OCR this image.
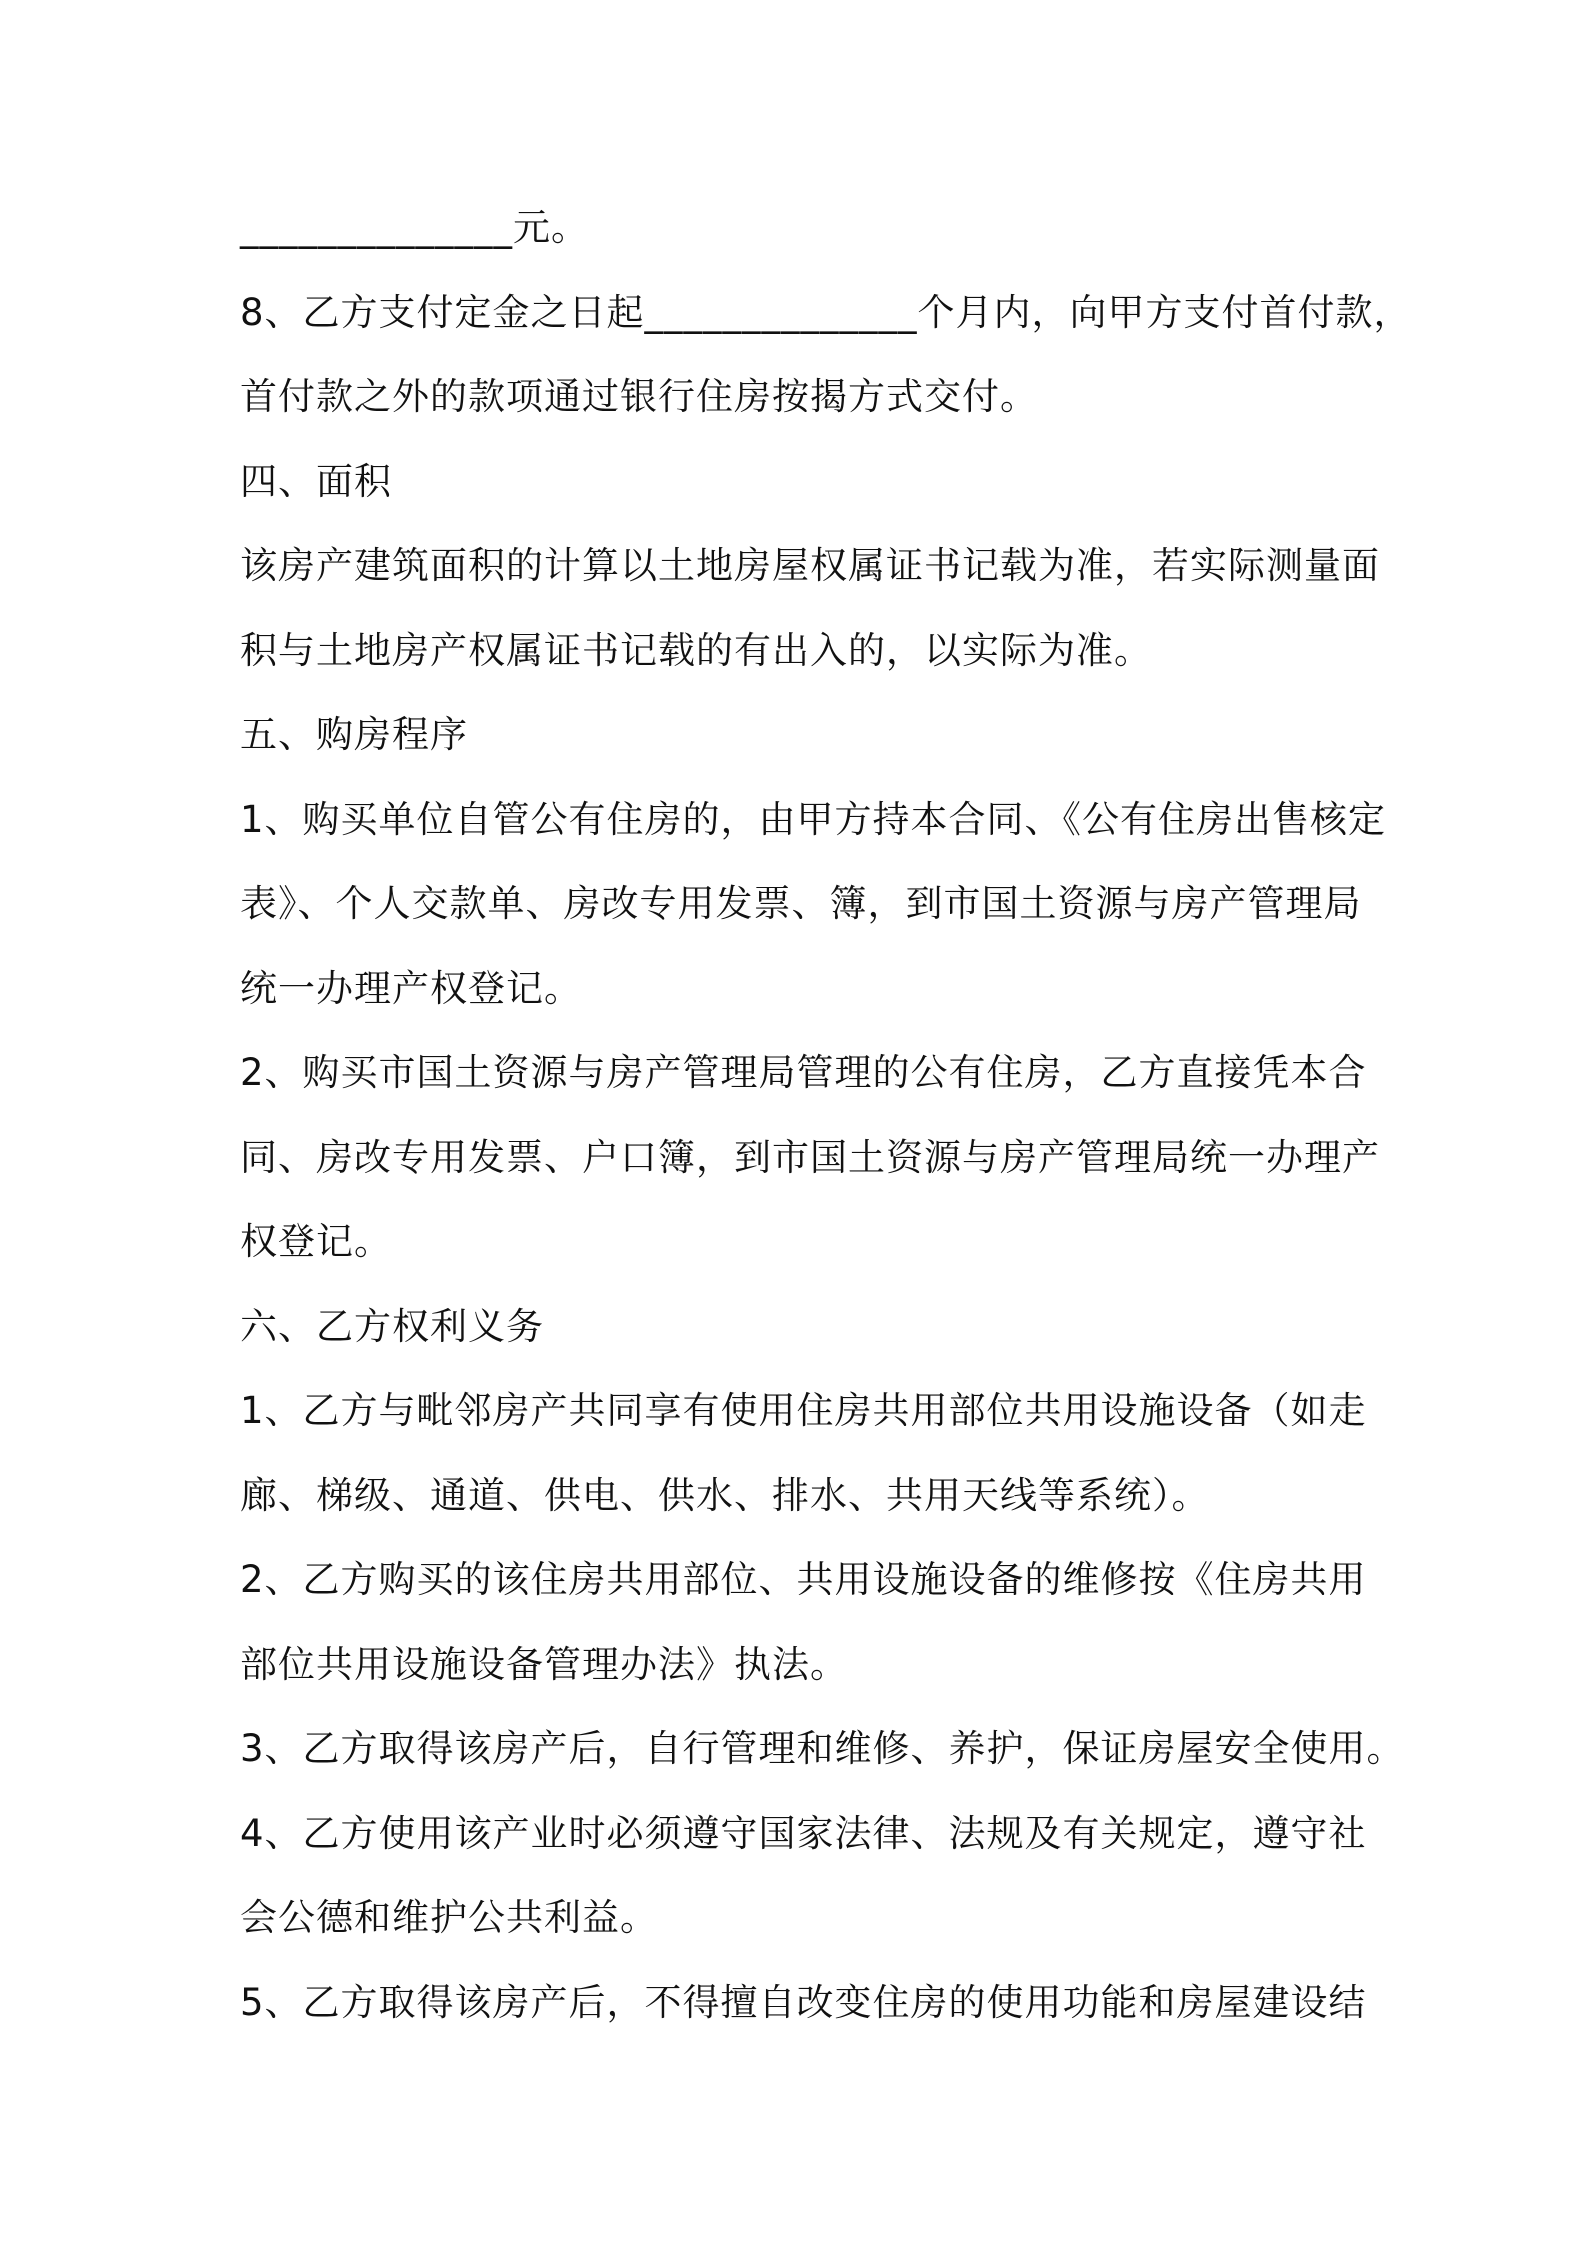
______________元。
8、乙方支付定金之日起______________个月内，向甲方支付首付款，
首付款之外的款项通过银行住房按揭方式交付。
四、面积
该房产建筑面积的计算以土地房屋权属证书记载为准，若实际测量面
积与土地房产权属证书记载的有出入的，以实际为准。
五、购房程序
1、购买单位自管公有住房的，由甲方持本合同、《公有住房出售核定
表》、个人交款单、房改专用发票、簿，到市国土资源与房产管理局
统一办理产权登记。
2、购买市国土资源与房产管理局管理的公有住房，乙方直接凭本合
同、房改专用发票、户口簿，到市国土资源与房产管理局统一办理产
权登记。
六、乙方权利义务
1、乙方与毗邻房产共同享有使用住房共用部位共用设施设备（如走
廊、梯级、通道、供电、供水、排水、共用天线等系统）。
2、乙方购买的该住房共用部位、共用设施设备的维修按《住房共用
部位共用设施设备管理办法》执法。
3、乙方取得该房产后，自行管理和维修、养护，保证房屋安全使用。
4、乙方使用该产业时必须遵守国家法律、法规及有关规定，遵守社
会公德和维护公共利益。
5、乙方取得该房产后，不得擅自改变住房的使用功能和房屋建设结
